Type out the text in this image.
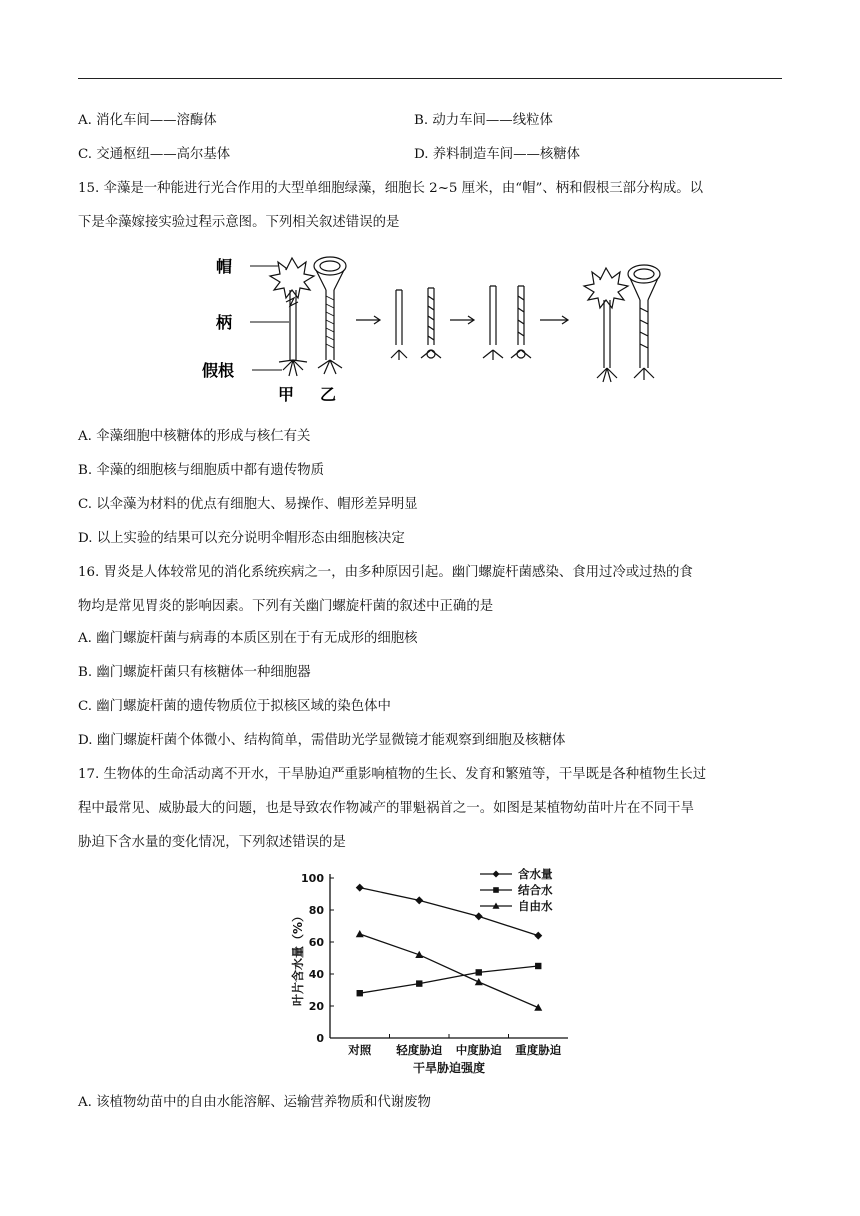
A. 消化车间——溶酶体	B. 动力车间——线粒体
C. 交通枢纽——高尔基体	D. 养料制造车间——核糖体
15. 伞藻是一种能进行光合作用的大型单细胞绿藻，细胞长 2~5 厘米，由“帽”、柄和假根三部分构成。以
下是伞藻嫁接实验过程示意图。下列相关叙述错误的是
帽
柄
假根
甲 乙
A. 伞藻细胞中核糖体的形成与核仁有关
B. 伞藻的细胞核与细胞质中都有遗传物质
C. 以伞藻为材料的优点有细胞大、易操作、帽形差异明显
D. 以上实验的结果可以充分说明伞帽形态由细胞核决定
16. 胃炎是人体较常见的消化系统疾病之一，由多种原因引起。幽门螺旋杆菌感染、食用过冷或过热的食
物均是常见胃炎的影响因素。下列有关幽门螺旋杆菌的叙述中正确的是
A. 幽门螺旋杆菌与病毒的本质区别在于有无成形的细胞核
B. 幽门螺旋杆菌只有核糖体一种细胞器
C. 幽门螺旋杆菌的遗传物质位于拟核区域的染色体中
D. 幽门螺旋杆菌个体微小、结构简单，需借助光学显微镜才能观察到细胞及核糖体
17. 生物体的生命活动离不开水，干旱胁迫严重影响植物的生长、发育和繁殖等，干旱既是各种植物生长过
程中最常见、威胁最大的问题，也是导致农作物减产的罪魁祸首之一。如图是某植物幼苗叶片在不同干旱
胁迫下含水量的变化情况，下列叙述错误的是
0
20
40
60
80
100
对照 轻度胁迫 中度胁迫 重度胁迫
含水量
结合水
自由水
叶片含水量（%）
干旱胁迫强度
A. 该植物幼苗中的自由水能溶解、运输营养物质和代谢废物
